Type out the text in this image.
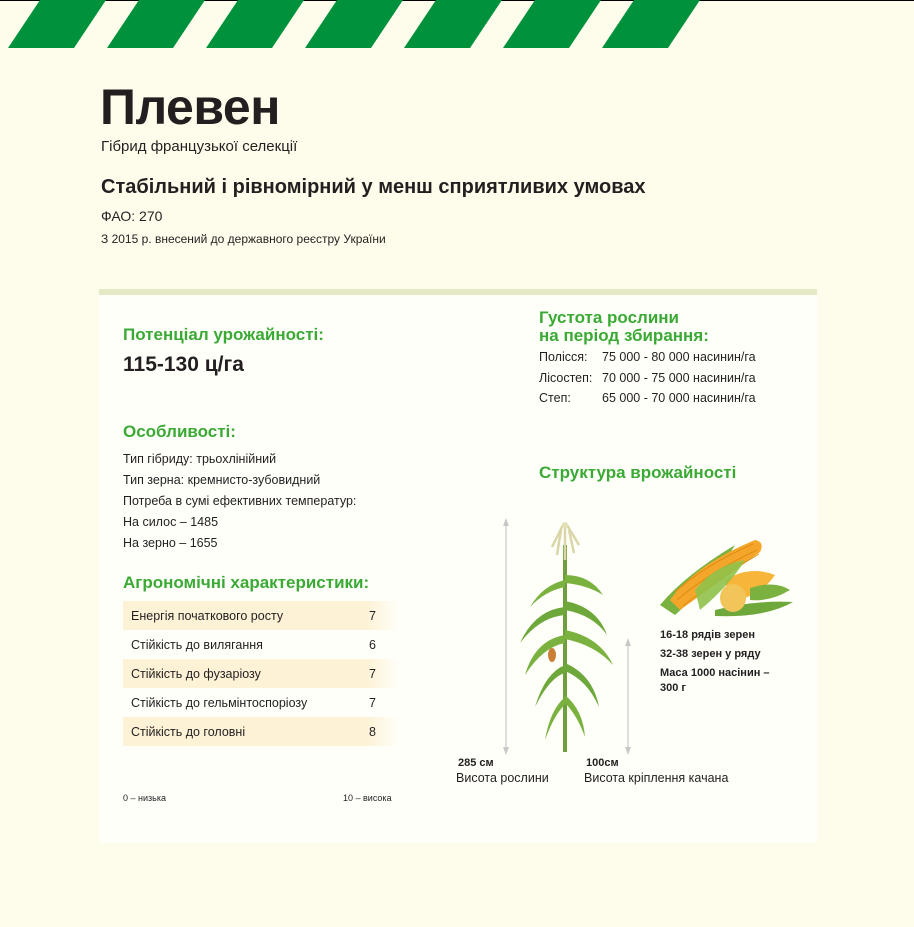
Плевен
Гібрид французької селекції
Стабільний і рівномірний у менш сприятливих умовах
ФАО: 270
З 2015 р. внесений до державного реєстру України
Потенціал урожайності:
115-130 ц/га
Особливості:
Тип гібриду: трьохлінійний
Тип зерна: кремнисто-зубовидний
Потреба в сумі ефективних температур:
На силос – 1485
На зерно – 1655
Агрономічні характеристики:
Енергія початкового росту	7
Стійкість до вилягання	6
Стійкість до фузаріозу	7
Стійкість до гельмінтоспоріозу	7
Стійкість до головні	8
0 – низька	10 – висока
Густота рослини
на період збирання:
Полісся: 75 000 - 80 000 насинин/га
Лісостеп: 70 000 - 75 000 насинин/га
Степ: 65 000 - 70 000 насинин/га
Структура врожайності
16-18 рядів зерен
32-38 зерен у ряду
Маса 1000 насінин –
300 г
285 см
Висота рослини
100см
Висота кріплення качана
